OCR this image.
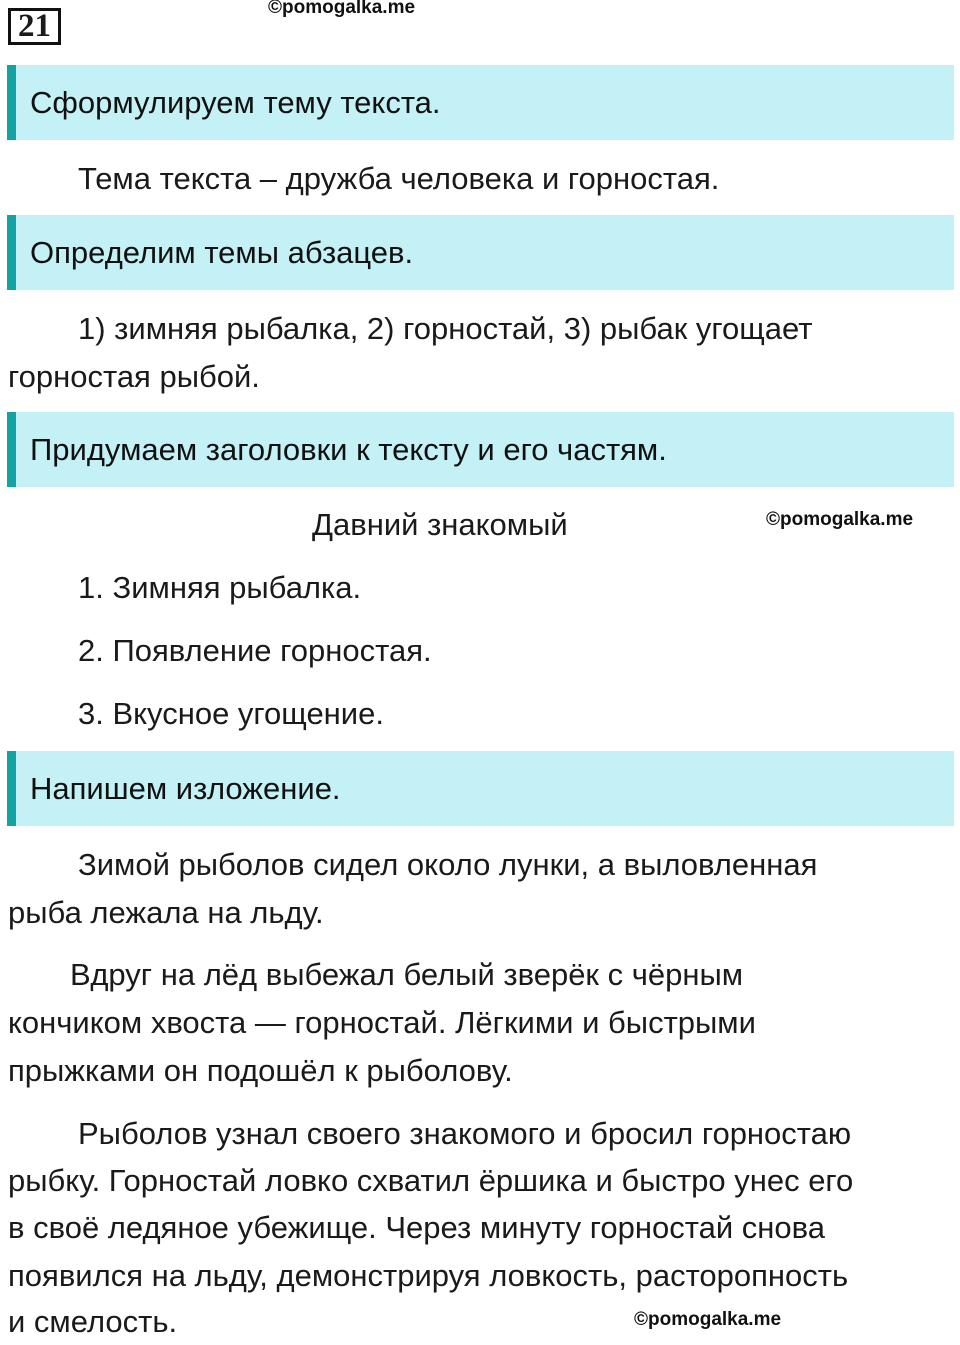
21
©pomogalka.me
Сформулируем тему текста.
Тема текста – дружба человека и горностая.
Определим темы абзацев.
1) зимняя рыбалка, 2) горностай, 3) рыбак угощает
горностая рыбой.
Придумаем заголовки к тексту и его частям.
Давний знакомый	©pomogalka.me
1. Зимняя рыбалка.
2. Появление горностая.
3. Вкусное угощение.
Напишем изложение.
Зимой рыболов сидел около лунки, а выловленная
рыба лежала на льду.
Вдруг на лёд выбежал белый зверёк с чёрным
кончиком хвоста — горностай. Лёгкими и быстрыми
прыжками он подошёл к рыболову.
Рыболов узнал своего знакомого и бросил горностаю
рыбку. Горностай ловко схватил ёршика и быстро унес его
в своё ледяное убежище. Через минуту горностай снова
появился на льду, демонстрируя ловкость, расторопность
и смелость.	©pomogalka.me
